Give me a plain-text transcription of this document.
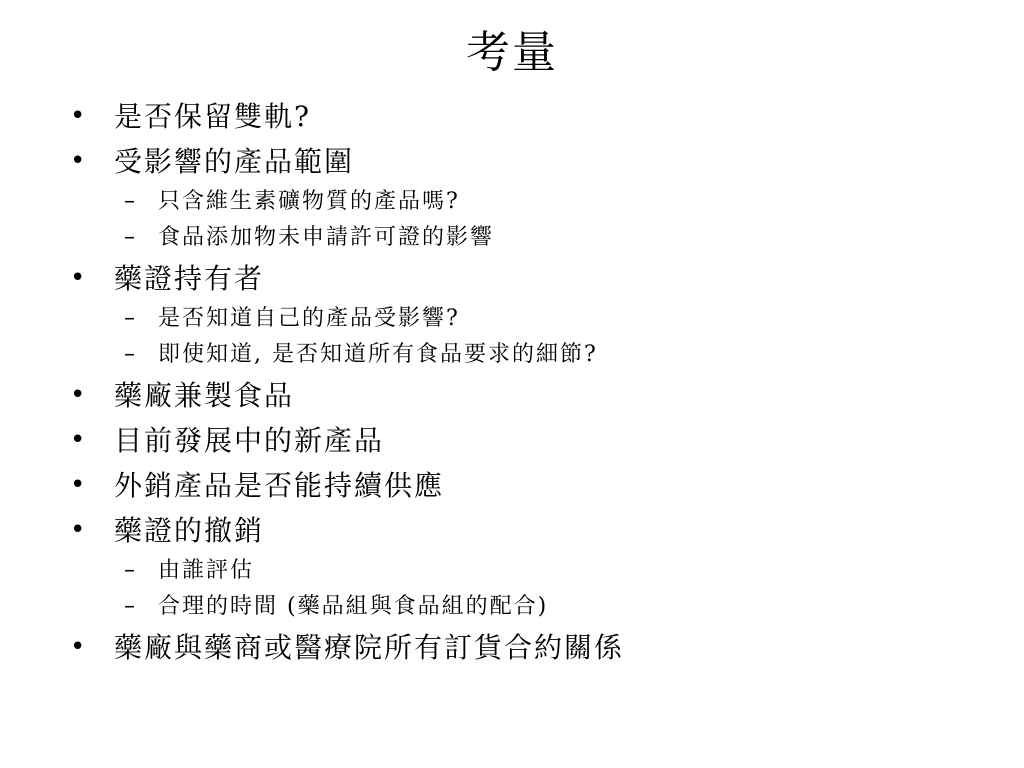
考量
• 是否保留雙軌?
• 受影響的產品範圍
– 只含維生素礦物質的產品嗎?
– 食品添加物未申請許可證的影響
• 藥證持有者
– 是否知道自己的產品受影響?
– 即使知道, 是否知道所有食品要求的細節?
• 藥廠兼製食品
• 目前發展中的新產品
• 外銷產品是否能持續供應
• 藥證的撤銷
– 由誰評估
– 合理的時間 (藥品組與食品組的配合)
• 藥廠與藥商或醫療院所有訂貨合約關係
